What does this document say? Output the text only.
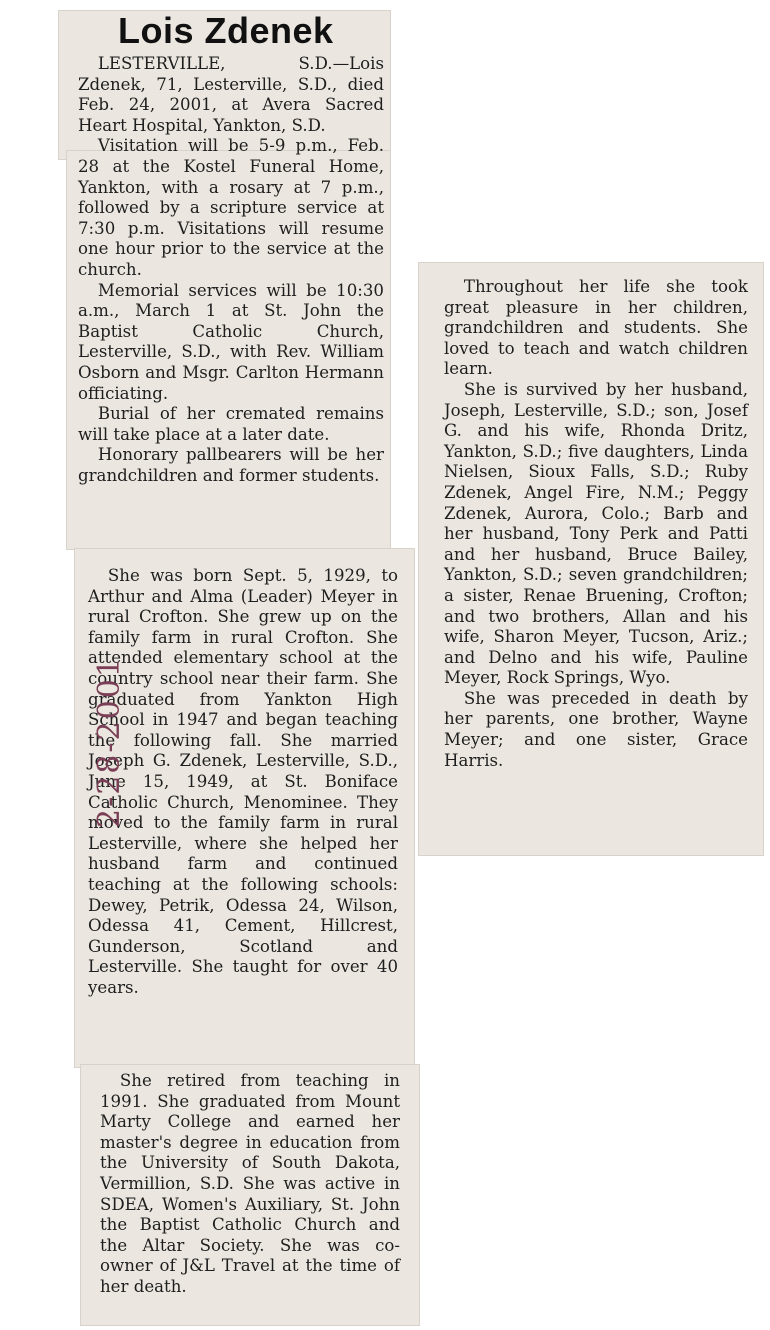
Lois Zdenek

LESTERVILLE, S.D.—Lois Zdenek, 71, Lesterville, S.D., died Feb. 24, 2001, at Avera Sacred Heart Hospital, Yankton, S.D.

Visitation will be 5-9 p.m., Feb. 28 at the Kostel Funeral Home, Yankton, with a rosary at 7 p.m., followed by a scripture service at 7:30 p.m. Visitations will resume one hour prior to the service at the church.

Memorial services will be 10:30 a.m., March 1 at St. John the Baptist Catholic Church, Lesterville, S.D., with Rev. William Osborn and Msgr. Carlton Hermann officiating.

Burial of her cremated remains will take place at a later date.

Honorary pallbearers will be her grandchildren and former students.

She was born Sept. 5, 1929, to Arthur and Alma (Leader) Meyer in rural Crofton. She grew up on the family farm in rural Crofton. She attended elementary school at the country school near their farm. She graduated from Yankton High School in 1947 and began teaching the following fall. She married Joseph G. Zdenek, Lesterville, S.D., June 15, 1949, at St. Boniface Catholic Church, Menominee. They moved to the family farm in rural Lesterville, where she helped her husband farm and continued teaching at the following schools: Dewey, Petrik, Odessa 24, Wilson, Odessa 41, Cement, Hillcrest, Gunderson, Scotland and Lesterville. She taught for over 40 years.

She retired from teaching in 1991. She graduated from Mount Marty College and earned her master's degree in education from the University of South Dakota, Vermillion, S.D. She was active in SDEA, Women's Auxiliary, St. John the Baptist Catholic Church and the Altar Society. She was co-owner of J&L Travel at the time of her death.

Throughout her life she took great pleasure in her children, grandchildren and students. She loved to teach and watch children learn.

She is survived by her husband, Joseph, Lesterville, S.D.; son, Josef G. and his wife, Rhonda Dritz, Yankton, S.D.; five daughters, Linda Nielsen, Sioux Falls, S.D.; Ruby Zdenek, Angel Fire, N.M.; Peggy Zdenek, Aurora, Colo.; Barb and her husband, Tony Perk and Patti and her husband, Bruce Bailey, Yankton, S.D.; seven grandchildren; a sister, Renae Bruening, Crofton; and two brothers, Allan and his wife, Sharon Meyer, Tucson, Ariz.; and Delno and his wife, Pauline Meyer, Rock Springs, Wyo.

She was preceded in death by her parents, one brother, Wayne Meyer; and one sister, Grace Harris.

2-28-2001
